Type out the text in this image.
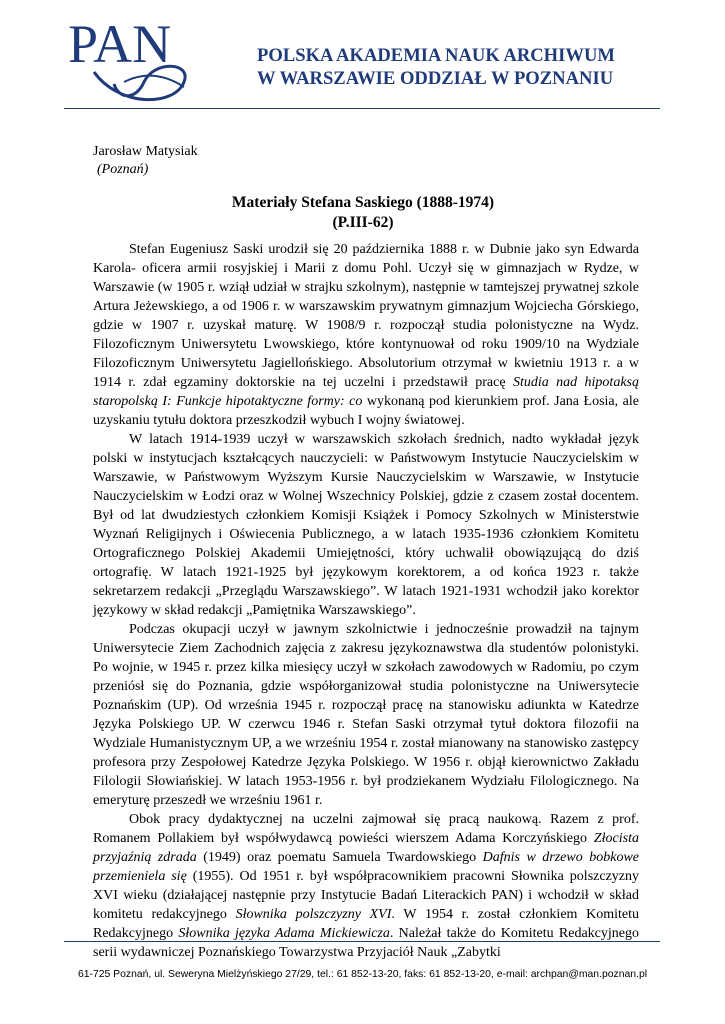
PAN	POLSKA AKADEMIA NAUK ARCHIWUM
W WARSZAWIE ODDZIAŁ W POZNANIU
Jarosław Matysiak
(Poznań)
Materiały Stefana Saskiego (1888-1974)
(P.III-62)

Stefan Eugeniusz Saski urodził się 20 października 1888 r. w Dubnie jako syn Edwarda Karola- oficera armii rosyjskiej i Marii z domu Pohl. Uczył się w gimnazjach w Rydze, w Warszawie (w 1905 r. wziął udział w strajku szkolnym), następnie w tamtejszej prywatnej szkole Artura Jeżewskiego, a od 1906 r. w warszawskim prywatnym gimnazjum Wojciecha Górskiego, gdzie w 1907 r. uzyskał maturę. W 1908/9 r. rozpoczął studia polonistyczne na Wydz. Filozoficznym Uniwersytetu Lwowskiego, które kontynuował od roku 1909/10 na Wydziale Filozoficznym Uniwersytetu Jagiellońskiego. Absolutorium otrzymał w kwietniu 1913 r. a w 1914 r. zdał egzaminy doktorskie na tej uczelni i przedstawił pracę Studia nad hipotaksą staropolską I: Funkcje hipotaktyczne formy: co wykonaną pod kierunkiem prof. Jana Łosia, ale uzyskaniu tytułu doktora przeszkodził wybuch I wojny światowej.

W latach 1914-1939 uczył w warszawskich szkołach średnich, nadto wykładał język polski w instytucjach kształcących nauczycieli: w Państwowym Instytucie Nauczycielskim w Warszawie, w Państwowym Wyższym Kursie Nauczycielskim w Warszawie, w Instytucie Nauczycielskim w Łodzi oraz w Wolnej Wszechnicy Polskiej, gdzie z czasem został docentem. Był od lat dwudziestych członkiem Komisji Książek i Pomocy Szkolnych w Ministerstwie Wyznań Religijnych i Oświecenia Publicznego, a w latach 1935-1936 członkiem Komitetu Ortograficznego Polskiej Akademii Umiejętności, który uchwalił obowiązującą do dziś ortografię. W latach 1921-1925 był językowym korektorem, a od końca 1923 r. także sekretarzem redakcji „Przeglądu Warszawskiego”. W latach 1921-1931 wchodził jako korektor językowy w skład redakcji „Pamiętnika Warszawskiego”.

Podczas okupacji uczył w jawnym szkolnictwie i jednocześnie prowadził na tajnym Uniwersytecie Ziem Zachodnich zajęcia z zakresu językoznawstwa dla studentów polonistyki. Po wojnie, w 1945 r. przez kilka miesięcy uczył w szkołach zawodowych w Radomiu, po czym przeniósł się do Poznania, gdzie współorganizował studia polonistyczne na Uniwersytecie Poznańskim (UP). Od września 1945 r. rozpoczął pracę na stanowisku adiunkta w Katedrze Języka Polskiego UP. W czerwcu 1946 r. Stefan Saski otrzymał tytuł doktora filozofii na Wydziale Humanistycznym UP, a we wrześniu 1954 r. został mianowany na stanowisko zastępcy profesora przy Zespołowej Katedrze Języka Polskiego. W 1956 r. objął kierownictwo Zakładu Filologii Słowiańskiej. W latach 1953-1956 r. był prodziekanem Wydziału Filologicznego. Na emeryturę przeszedł we wrześniu 1961 r.

Obok pracy dydaktycznej na uczelni zajmował się pracą naukową. Razem z prof. Romanem Pollakiem był współwydawcą powieści wierszem Adama Korczyńskiego Złocista przyjaźnią zdrada (1949) oraz poematu Samuela Twardowskiego Dafnis w drzewo bobkowe przemieniela się (1955). Od 1951 r. był współpracownikiem pracowni Słownika polszczyzny XVI wieku (działającej następnie przy Instytucie Badań Literackich PAN) i wchodził w skład komitetu redakcyjnego Słownika polszczyzny XVI. W 1954 r. został członkiem Komitetu Redakcyjnego Słownika języka Adama Mickiewicza. Należał także do Komitetu Redakcyjnego serii wydawniczej Poznańskiego Towarzystwa Przyjaciół Nauk „Zabytki

61-725 Poznań, ul. Seweryna Mielżyńskiego 27/29, tel.: 61 852-13-20, faks: 61 852-13-20, e-mail: archpan@man.poznan.pl
